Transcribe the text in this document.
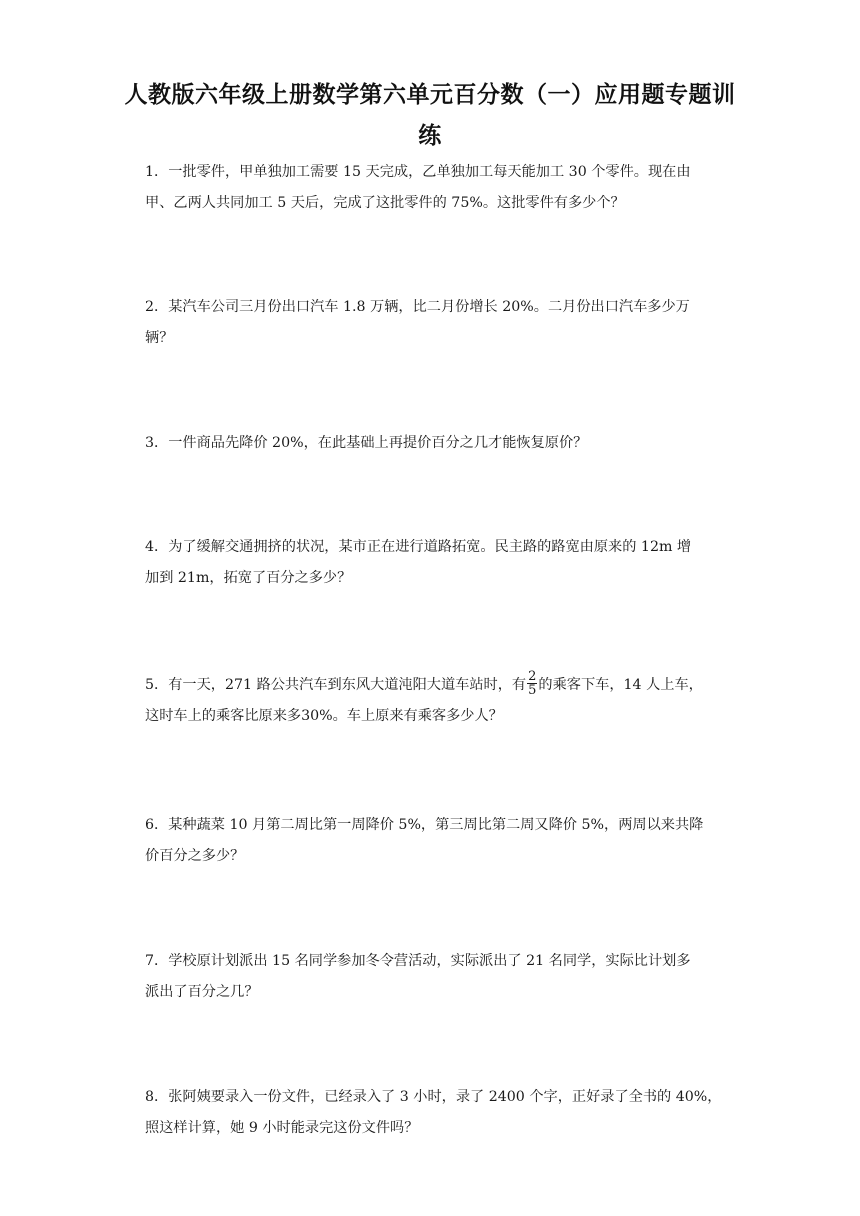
人教版六年级上册数学第六单元百分数（一）应用题专题训
练
1．一批零件，甲单独加工需要 15 天完成，乙单独加工每天能加工 30 个零件。现在由
甲、乙两人共同加工 5 天后，完成了这批零件的 75%。这批零件有多少个？
2．某汽车公司三月份出口汽车 1.8 万辆，比二月份增长 20%。二月份出口汽车多少万
辆？
3．一件商品先降价 20%，在此基础上再提价百分之几才能恢复原价？
4．为了缓解交通拥挤的状况，某市正在进行道路拓宽。民主路的路宽由原来的 12m 增
加到 21m，拓宽了百分之多少？
5．有一天，271 路公共汽车到东风大道沌阳大道车站时，有 $\frac{2}{5}$ 的乘客下车，14 人上车，
这时车上的乘客比原来多30%。车上原来有乘客多少人？
6．某种蔬菜 10 月第二周比第一周降价 5%，第三周比第二周又降价 5%，两周以来共降
价百分之多少？
7．学校原计划派出 15 名同学参加冬令营活动，实际派出了 21 名同学，实际比计划多
派出了百分之几？
8．张阿姨要录入一份文件，已经录入了 3 小时，录了 2400 个字，正好录了全书的 40%，
照这样计算，她 9 小时能录完这份文件吗？
